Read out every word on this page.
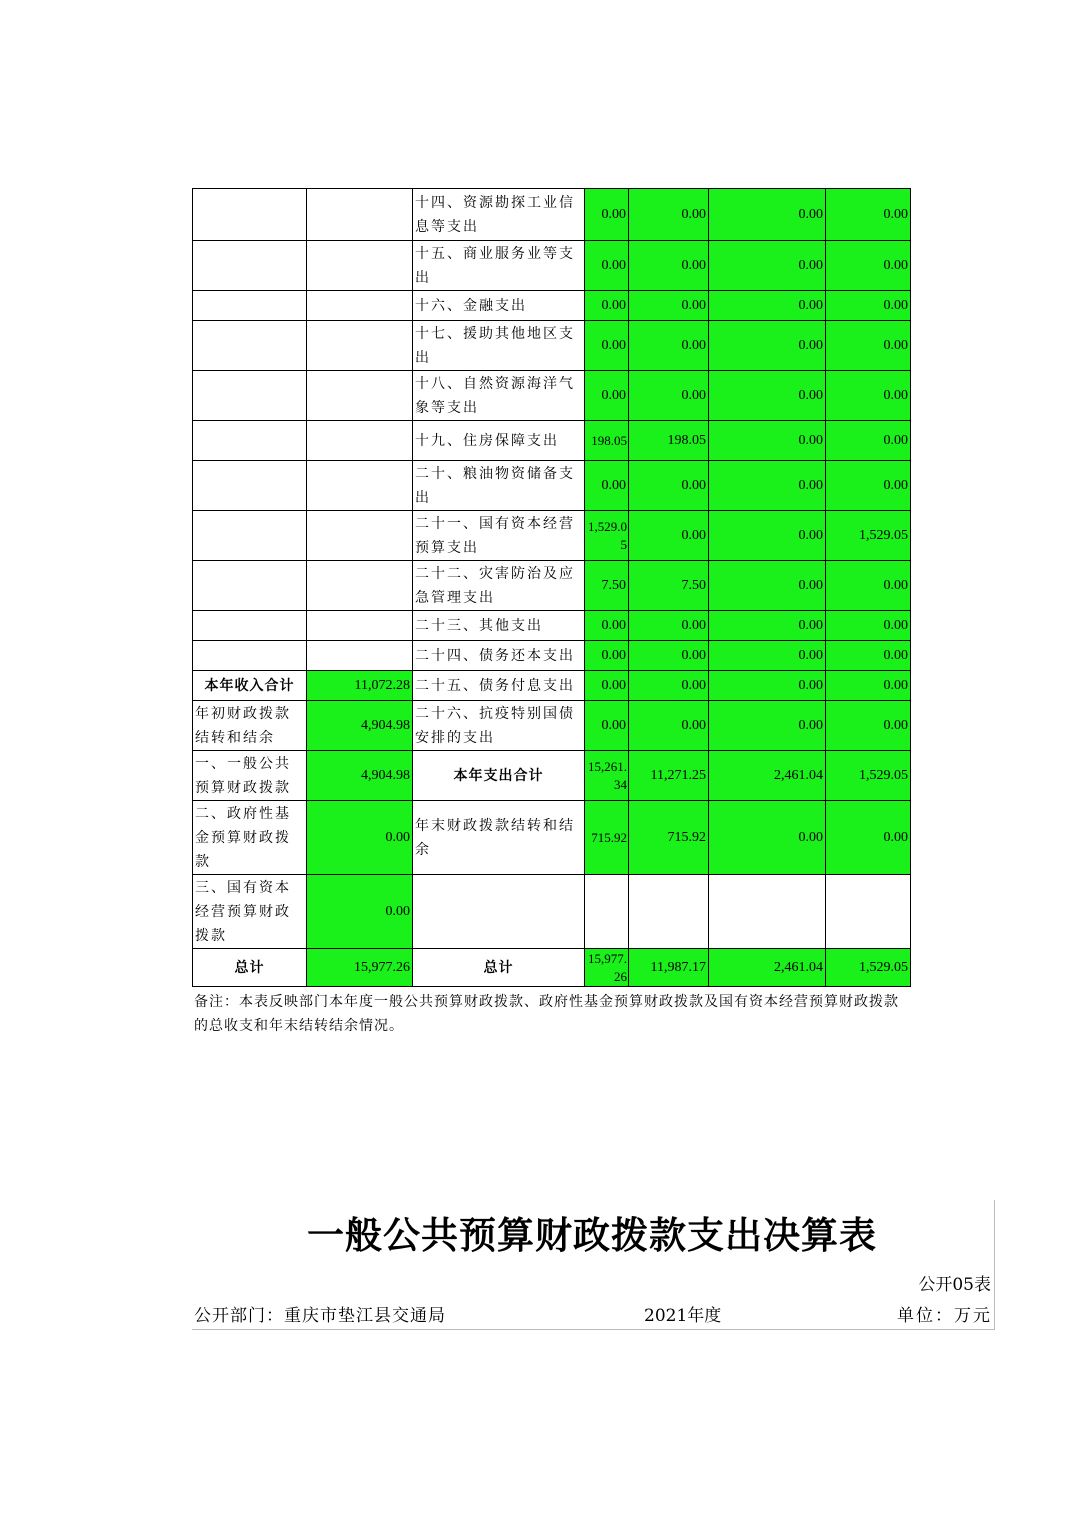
		十四、资源勘探工业信息等支出	0.00	0.00	0.00	0.00
		十五、商业服务业等支出	0.00	0.00	0.00	0.00
		十六、金融支出	0.00	0.00	0.00	0.00
		十七、援助其他地区支出	0.00	0.00	0.00	0.00
		十八、自然资源海洋气象等支出	0.00	0.00	0.00	0.00
		十九、住房保障支出	198.05	198.05	0.00	0.00
		二十、粮油物资储备支出	0.00	0.00	0.00	0.00
		二十一、国有资本经营预算支出	1,529.05	0.00	0.00	1,529.05
		二十二、灾害防治及应急管理支出	7.50	7.50	0.00	0.00
		二十三、其他支出	0.00	0.00	0.00	0.00
		二十四、债务还本支出	0.00	0.00	0.00	0.00
本年收入合计	11,072.28	二十五、债务付息支出	0.00	0.00	0.00	0.00
年初财政拨款结转和结余	4,904.98	二十六、抗疫特别国债安排的支出	0.00	0.00	0.00	0.00
一、一般公共预算财政拨款	4,904.98	本年支出合计	15,261.34	11,271.25	2,461.04	1,529.05
二、政府性基金预算财政拨款	0.00	年末财政拨款结转和结余	715.92	715.92	0.00	0.00
三、国有资本经营预算财政拨款	0.00					
总计	15,977.26	总计	15,977.26	11,987.17	2,461.04	1,529.05
备注：本表反映部门本年度一般公共预算财政拨款、政府性基金预算财政拨款及国有资本经营预算财政拨款的总收支和年末结转结余情况。
一般公共预算财政拨款支出决算表
公开05表
公开部门：重庆市垫江县交通局	2021年度	单位：万元
